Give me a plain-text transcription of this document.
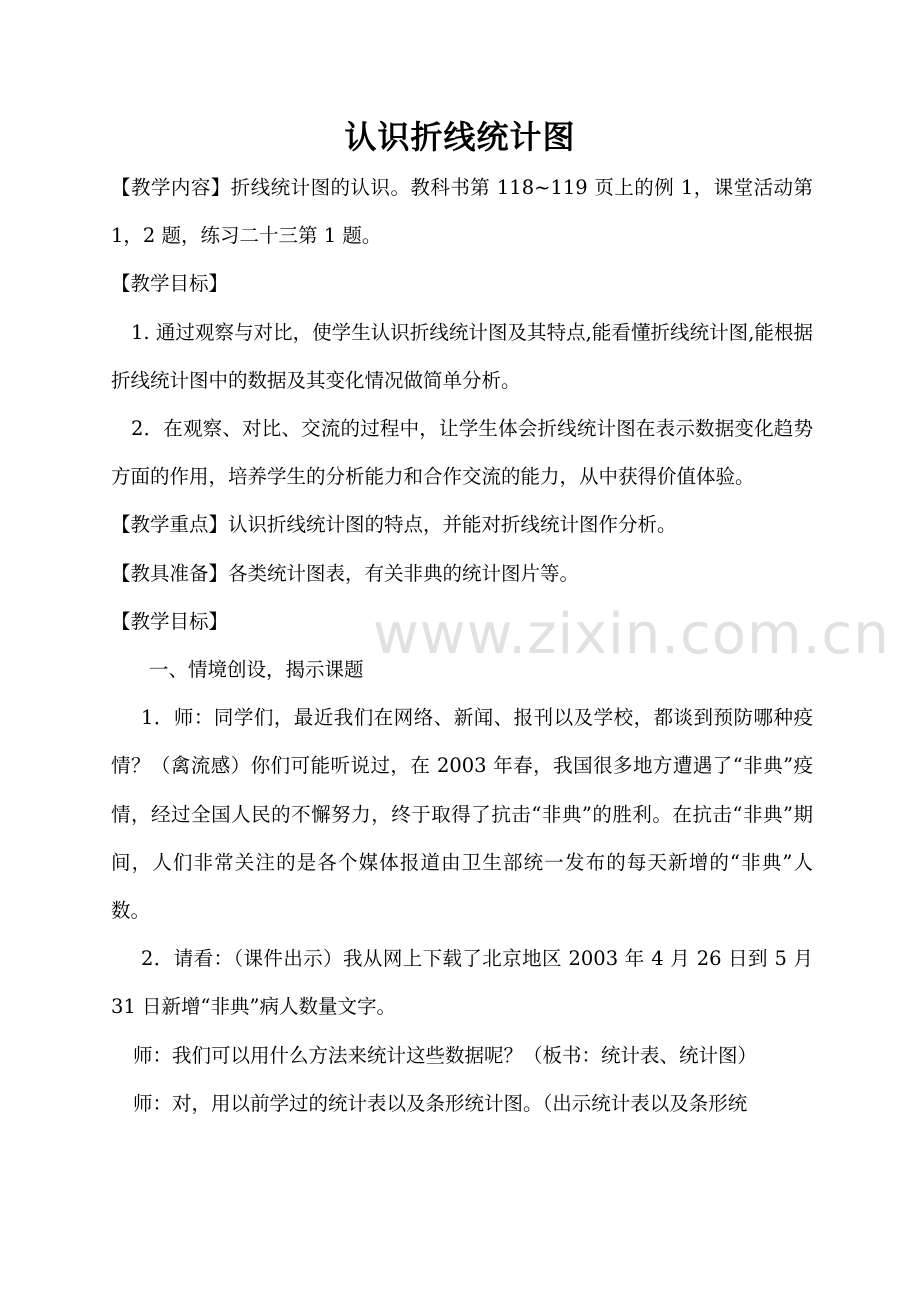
认识折线统计图

【教学内容】折线统计图的认识。教科书第 118~119 页上的例 1，课堂活动第 1，2 题，练习二十三第 1 题。

【教学目标】

1. 通过观察与对比，使学生认识折线统计图及其特点,能看懂折线统计图,能根据折线统计图中的数据及其变化情况做简单分析。

2．在观察、对比、交流的过程中，让学生体会折线统计图在表示数据变化趋势方面的作用，培养学生的分析能力和合作交流的能力，从中获得价值体验。

【教学重点】认识折线统计图的特点，并能对折线统计图作分析。

【教具准备】各类统计图表，有关非典的统计图片等。

【教学目标】

一、情境创设，揭示课题

1．师：同学们，最近我们在网络、新闻、报刊以及学校，都谈到预防哪种疫情？（禽流感）你们可能听说过，在 2003 年春，我国很多地方遭遇了“非典”疫情，经过全国人民的不懈努力，终于取得了抗击“非典”的胜利。在抗击“非典”期间，人们非常关注的是各个媒体报道由卫生部统一发布的每天新增的“非典”人数。

2．请看：（课件出示）我从网上下载了北京地区 2003 年 4 月 26 日到 5 月 31 日新增“非典”病人数量文字。

师：我们可以用什么方法来统计这些数据呢？（板书：统计表、统计图）

师：对，用以前学过的统计表以及条形统计图。（出示统计表以及条形统

www.zixin.com.cn
